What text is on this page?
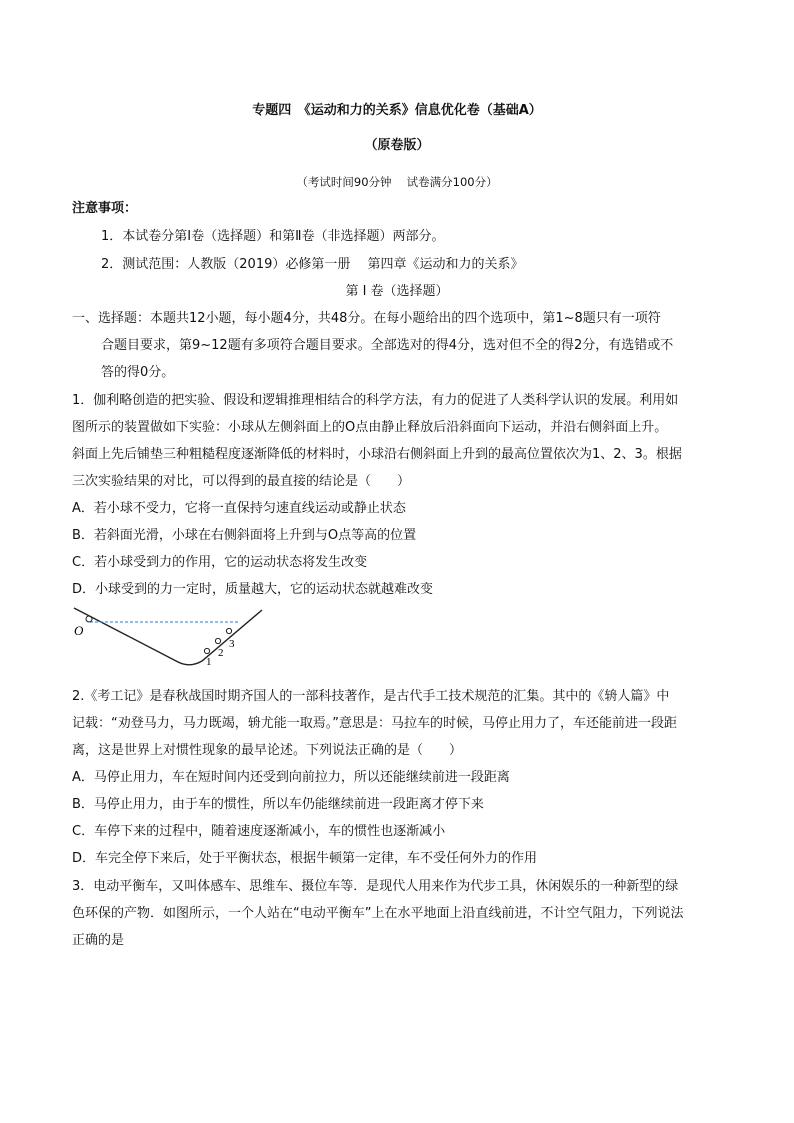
专题四　《运动和力的关系》信息优化卷（基础A）
（原卷版）
（考试时间90分钟　 试卷满分100分）
注意事项：
1．本试卷分第Ⅰ卷（选择题）和第Ⅱ卷（非选择题）两部分。
2．测试范围：人教版（2019）必修第一册　 第四章《运动和力的关系》
第 Ⅰ 卷（选择题）
一、选择题：本题共12小题，每小题4分，共48分。在每小题给出的四个选项中，第1~8题只有一项符
合题目要求，第9~12题有多项符合题目要求。全部选对的得4分，选对但不全的得2分，有选错或不
答的得0分。
1．伽利略创造的把实验、假设和逻辑推理相结合的科学方法，有力的促进了人类科学认识的发展。利用如
图所示的装置做如下实验：小球从左侧斜面上的O点由静止释放后沿斜面向下运动，并沿右侧斜面上升。
斜面上先后铺垫三种粗糙程度逐渐降低的材料时，小球沿右侧斜面上升到的最高位置依次为1、2、3。根据
三次实验结果的对比，可以得到的最直接的结论是（　　）
A．若小球不受力，它将一直保持匀速直线运动或静止状态
B．若斜面光滑，小球在右侧斜面将上升到与O点等高的位置
C．若小球受到力的作用，它的运动状态将发生改变
D．小球受到的力一定时，质量越大，它的运动状态就越难改变
O
1
2
3
2.《考工记》是春秋战国时期齐国人的一部科技著作，是古代手工技术规范的汇集。其中的《辀人篇》中
记载：“劝登马力，马力既竭，辀尤能一取焉。”意思是：马拉车的时候，马停止用力了，车还能前进一段距
离，这是世界上对惯性现象的最早论述。下列说法正确的是（　　）
A．马停止用力，车在短时间内还受到向前拉力，所以还能继续前进一段距离
B．马停止用力，由于车的惯性，所以车仍能继续前进一段距离才停下来
C．车停下来的过程中，随着速度逐渐减小，车的惯性也逐渐减小
D．车完全停下来后，处于平衡状态，根据牛顿第一定律，车不受任何外力的作用
3．电动平衡车，又叫体感车、思维车、摄位车等．是现代人用来作为代步工具，休闲娱乐的一种新型的绿
色环保的产物．如图所示，一个人站在“电动平衡车”上在水平地面上沿直线前进，不计空气阻力，下列说法
正确的是
